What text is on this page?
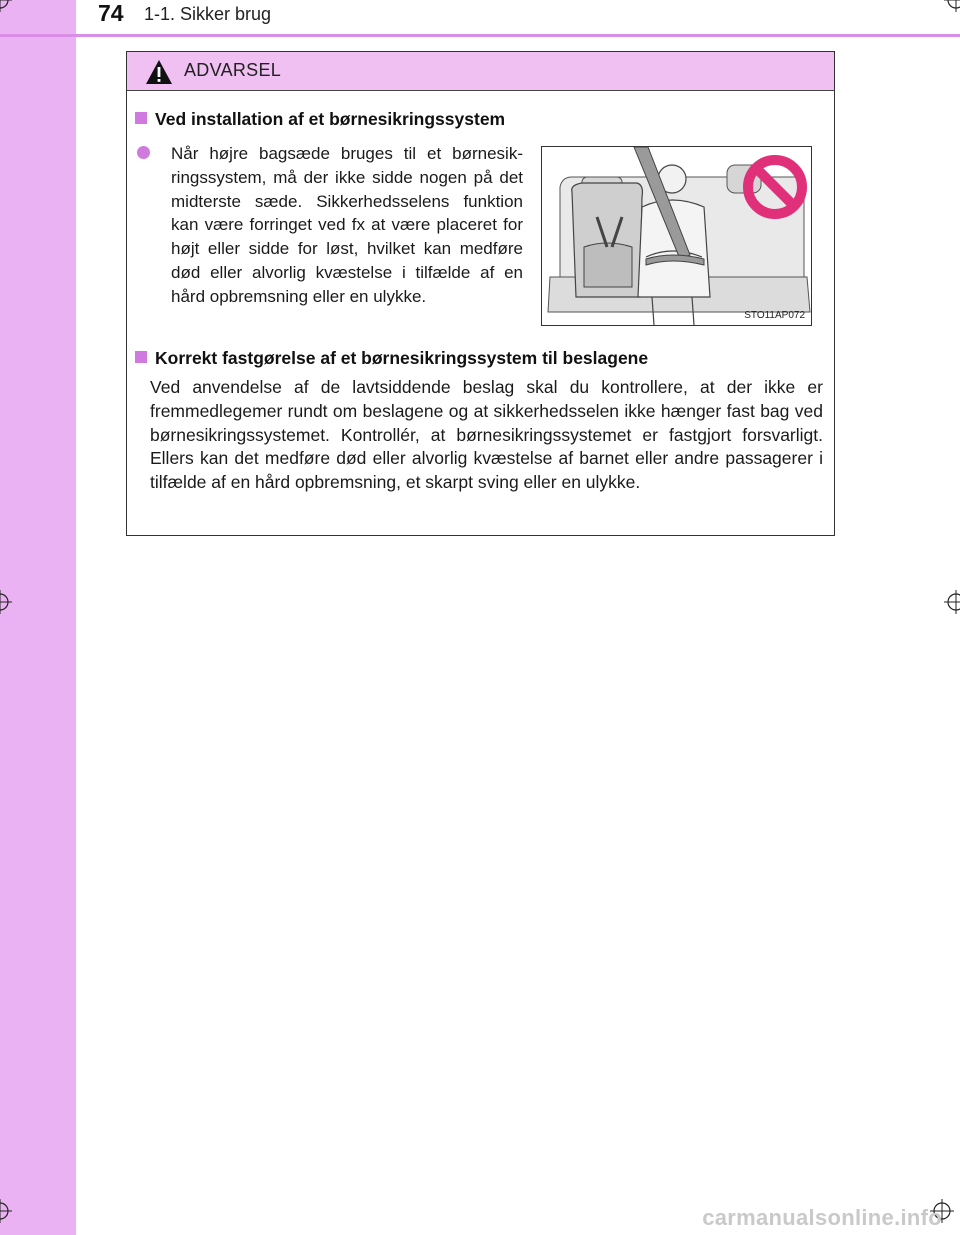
74 1-1. Sikker brug
ADVARSEL
Ved installation af et børnesikringssystem
Når højre bagsæde bruges til et børnesik-ringssystem, må der ikke sidde nogen på det midterste sæde. Sikkerhedsselens funktion kan være forringet ved fx at være placeret for højt eller sidde for løst, hvilket kan medføre død eller alvorlig kvæstelse i tilfælde af en hård opbremsning eller en ulykke.
STO11AP072
Korrekt fastgørelse af et børnesikringssystem til beslagene
Ved anvendelse af de lavtsiddende beslag skal du kontrollere, at der ikke er fremmedlegemer rundt om beslagene og at sikkerhedsselen ikke hænger fast bag ved børnesikringssystemet. Kontrollér, at børnesikringssystemet er fastgjort forsvarligt. Ellers kan det medføre død eller alvorlig kvæstelse af barnet eller andre passagerer i tilfælde af en hård opbremsning, et skarpt sving eller en ulykke.
carmanualsonline.info
